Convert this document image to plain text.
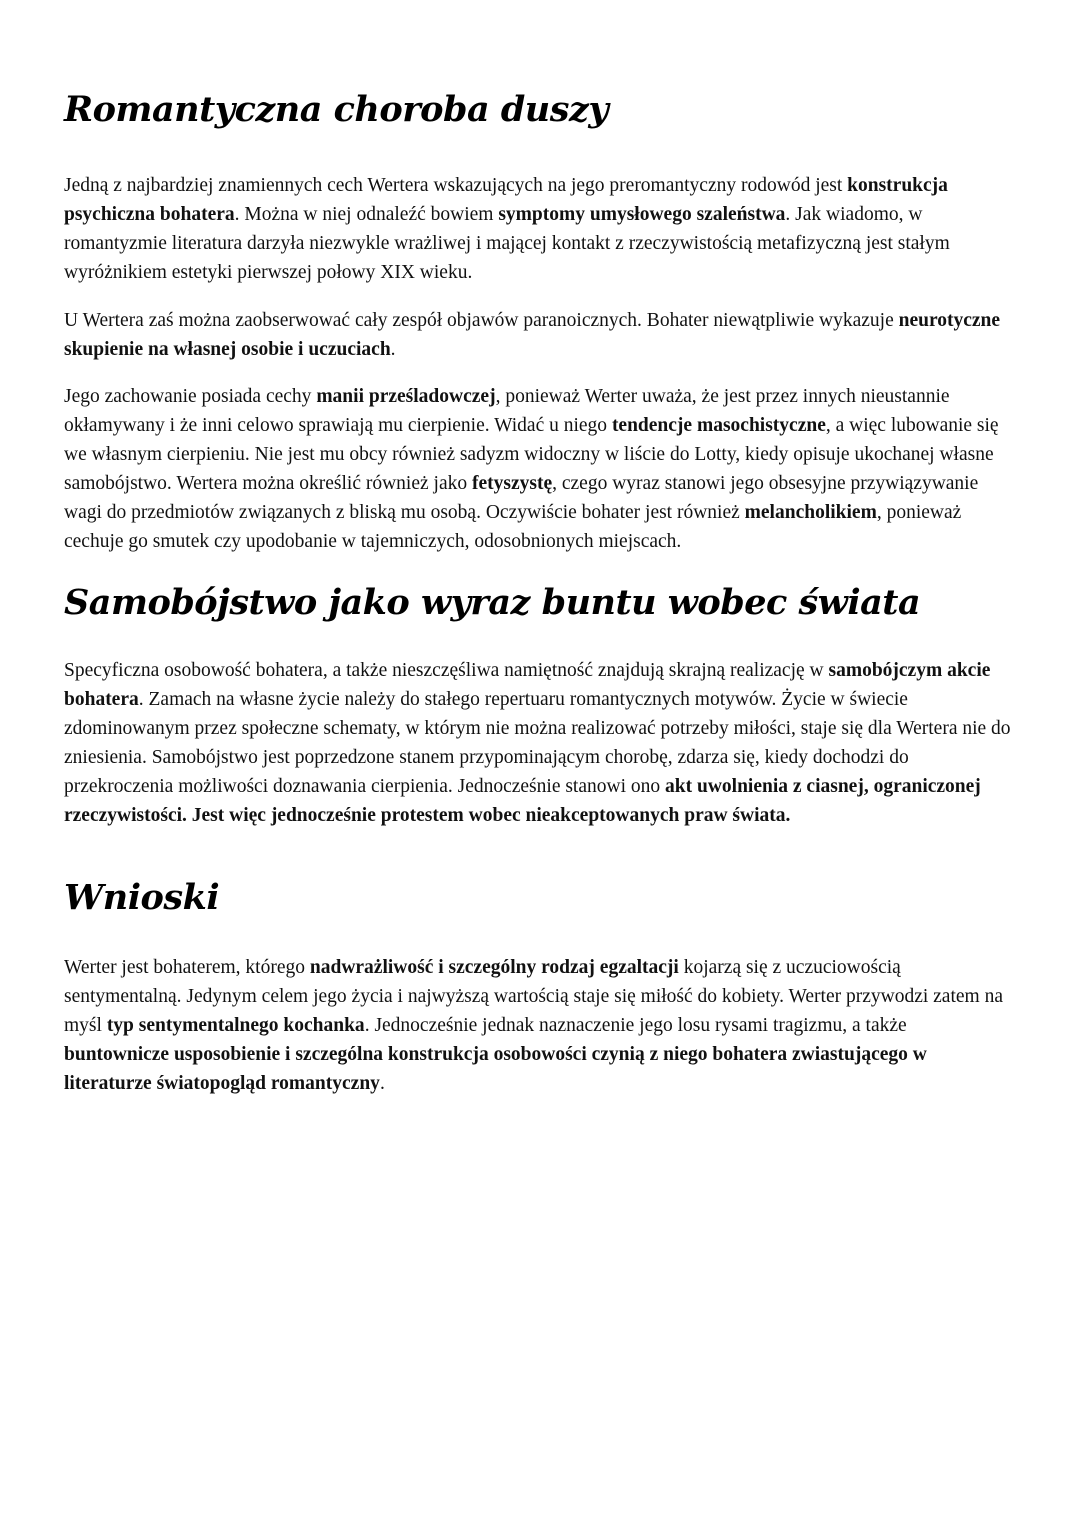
Romantyczna choroba duszy

Jedną z najbardziej znamiennych cech Wertera wskazujących na jego preromantyczny rodowód jest konstrukcja psychiczna bohatera. Można w niej odnaleźć bowiem symptomy umysłowego szaleństwa. Jak wiadomo, w romantyzmie literatura darzyła niezwykle wrażliwej i mającej kontakt z rzeczywistością metafizyczną jest stałym wyróżnikiem estetyki pierwszej połowy XIX wieku.

U Wertera zaś można zaobserwować cały zespół objawów paranoicznych. Bohater niewątpliwie wykazuje neurotyczne skupienie na własnej osobie i uczuciach.

Jego zachowanie posiada cechy manii prześladowczej, ponieważ Werter uważa, że jest przez innych nieustannie okłamywany i że inni celowo sprawiają mu cierpienie. Widać u niego tendencje masochistyczne, a więc lubowanie się we własnym cierpieniu. Nie jest mu obcy również sadyzm widoczny w liście do Lotty, kiedy opisuje ukochanej własne samobójstwo. Wertera można określić również jako fetyszystę, czego wyraz stanowi jego obsesyjne przywiązywanie wagi do przedmiotów związanych z bliską mu osobą. Oczywiście bohater jest również melancholikiem, ponieważ cechuje go smutek czy upodobanie w tajemniczych, odosobnionych miejscach.

Samobójstwo jako wyraz buntu wobec świata

Specyficzna osobowość bohatera, a także nieszczęśliwa namiętność znajdują skrajną realizację w samobójczym akcie bohatera. Zamach na własne życie należy do stałego repertuaru romantycznych motywów. Życie w świecie zdominowanym przez społeczne schematy, w którym nie można realizować potrzeby miłości, staje się dla Wertera nie do zniesienia. Samobójstwo jest poprzedzone stanem przypominającym chorobę, zdarza się, kiedy dochodzi do przekroczenia możliwości doznawania cierpienia. Jednocześnie stanowi ono akt uwolnienia z ciasnej, ograniczonej rzeczywistości. Jest więc jednocześnie protestem wobec nieakceptowanych praw świata.

Wnioski

Werter jest bohaterem, którego nadwrażliwość i szczególny rodzaj egzaltacji kojarzą się z uczuciowością sentymentalną. Jedynym celem jego życia i najwyższą wartością staje się miłość do kobiety. Werter przywodzi zatem na myśl typ sentymentalnego kochanka. Jednocześnie jednak naznaczenie jego losu rysami tragizmu, a także buntownicze usposobienie i szczególna konstrukcja osobowości czynią z niego bohatera zwiastującego w literaturze światopogląd romantyczny.
